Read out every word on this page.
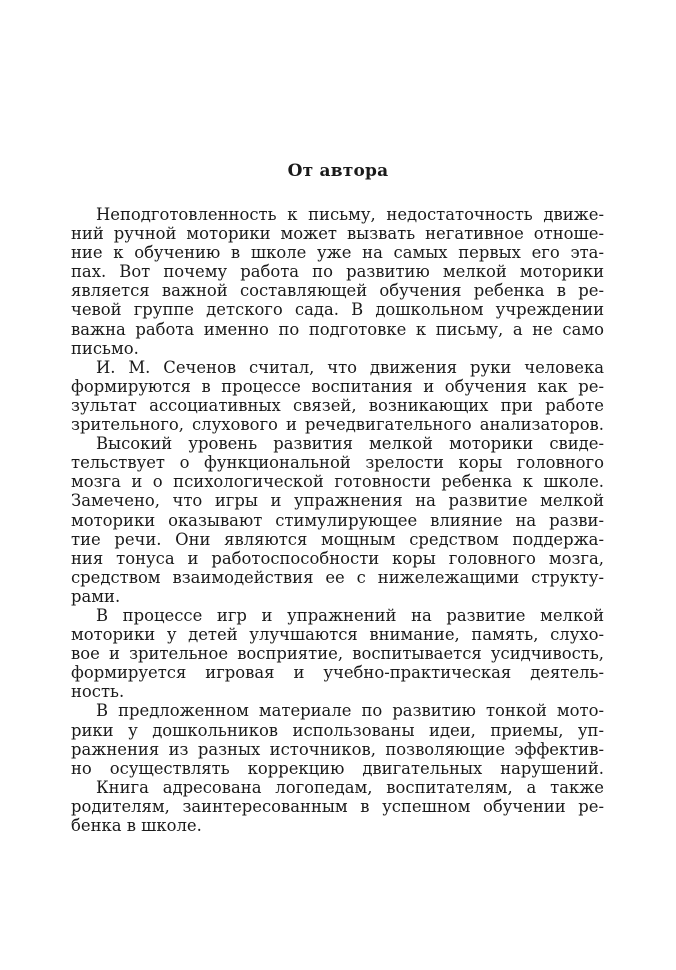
От автора
Неподготовленность к письму, недостаточность движе-
ний ручной моторики может вызвать негативное отноше-
ние к обучению в школе уже на самых первых его эта-
пах. Вот почему работа по развитию мелкой моторики
является важной составляющей обучения ребенка в ре-
чевой группе детского сада. В дошкольном учреждении
важна работа именно по подготовке к письму, а не само
письмо.
И. М. Сеченов считал, что движения руки человека
формируются в процессе воспитания и обучения как ре-
зультат ассоциативных связей, возникающих при работе
зрительного, слухового и речедвигательного анализаторов.
Высокий уровень развития мелкой моторики свиде-
тельствует о функциональной зрелости коры головного
мозга и о психологической готовности ребенка к школе.
Замечено, что игры и упражнения на развитие мелкой
моторики оказывают стимулирующее влияние на разви-
тие речи. Они являются мощным средством поддержа-
ния тонуса и работоспособности коры головного мозга,
средством взаимодействия ее с нижележащими структу-
рами.
В процессе игр и упражнений на развитие мелкой
моторики у детей улучшаются внимание, память, слухо-
вое и зрительное восприятие, воспитывается усидчивость,
формируется игровая и учебно-практическая деятель-
ность.
В предложенном материале по развитию тонкой мото-
рики у дошкольников использованы идеи, приемы, уп-
ражнения из разных источников, позволяющие эффектив-
но осуществлять коррекцию двигательных нарушений.
Книга адресована логопедам, воспитателям, а также
родителям, заинтересованным в успешном обучении ре-
бенка в школе.
